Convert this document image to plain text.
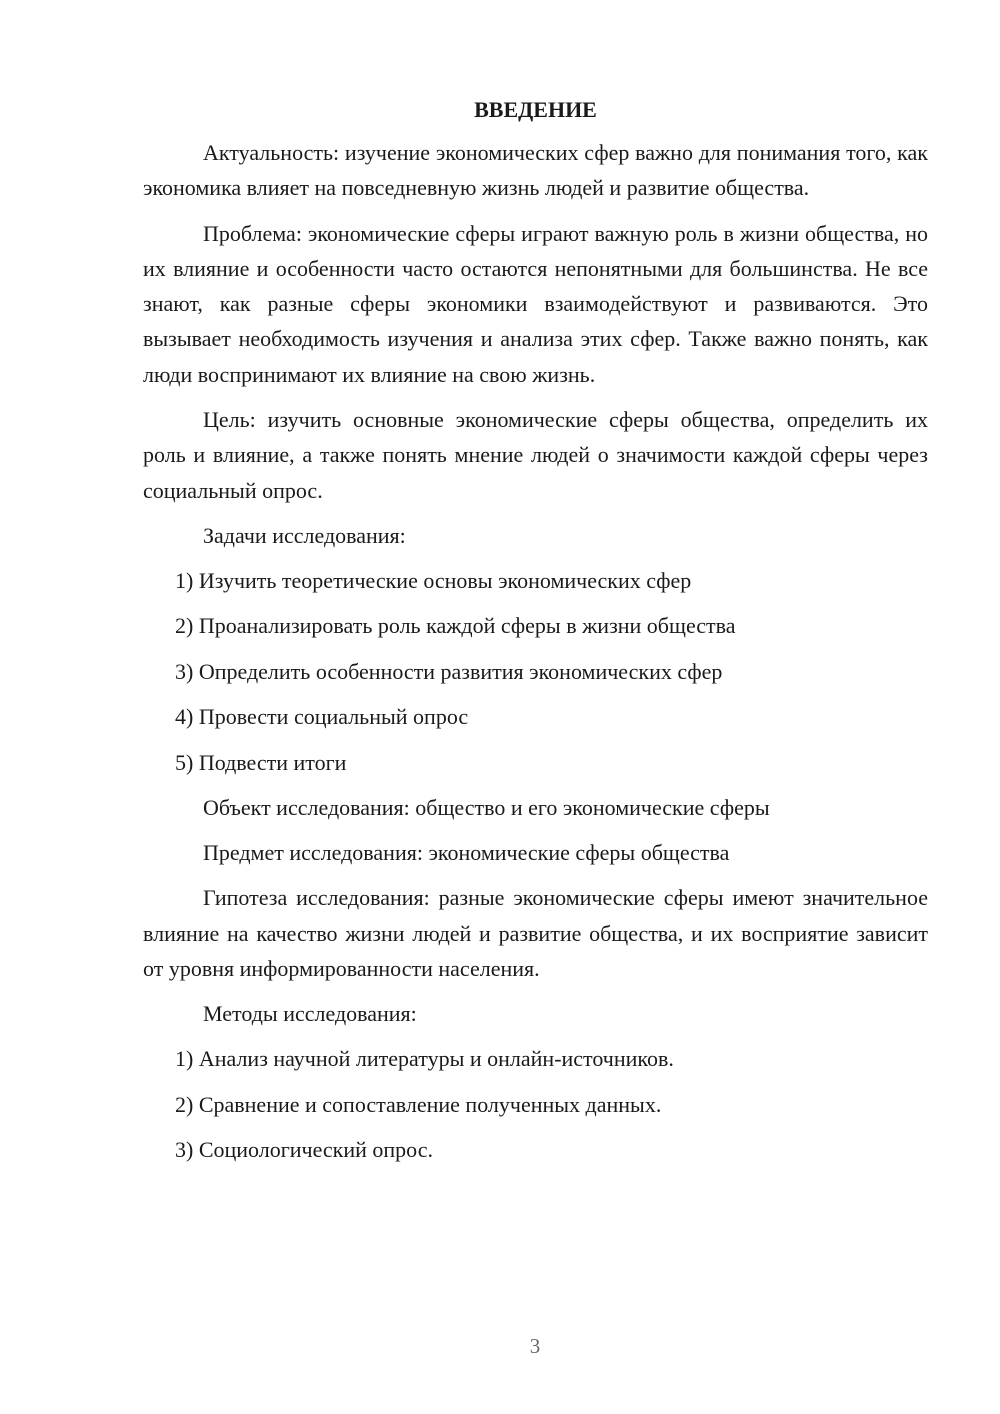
ВВЕДЕНИЕ

Актуальность: изучение экономических сфер важно для понимания того, как экономика влияет на повседневную жизнь людей и развитие общества.

Проблема: экономические сферы играют важную роль в жизни общества, но их влияние и особенности часто остаются непонятными для большинства. Не все знают, как разные сферы экономики взаимодействуют и развиваются. Это вызывает необходимость изучения и анализа этих сфер. Также важно понять, как люди воспринимают их влияние на свою жизнь.

Цель: изучить основные экономические сферы общества, определить их роль и влияние, а также понять мнение людей о значимости каждой сферы через социальный опрос.

Задачи исследования:

1) Изучить теоретические основы экономических сфер
2) Проанализировать роль каждой сферы в жизни общества
3) Определить особенности развития экономических сфер
4) Провести социальный опрос
5) Подвести итоги

Объект исследования: общество и его экономические сферы

Предмет исследования: экономические сферы общества

Гипотеза исследования: разные экономические сферы имеют значительное влияние на качество жизни людей и развитие общества, и их восприятие зависит от уровня информированности населения.

Методы исследования:

1) Анализ научной литературы и онлайн-источников.
2) Сравнение и сопоставление полученных данных.
3) Социологический опрос.
3
